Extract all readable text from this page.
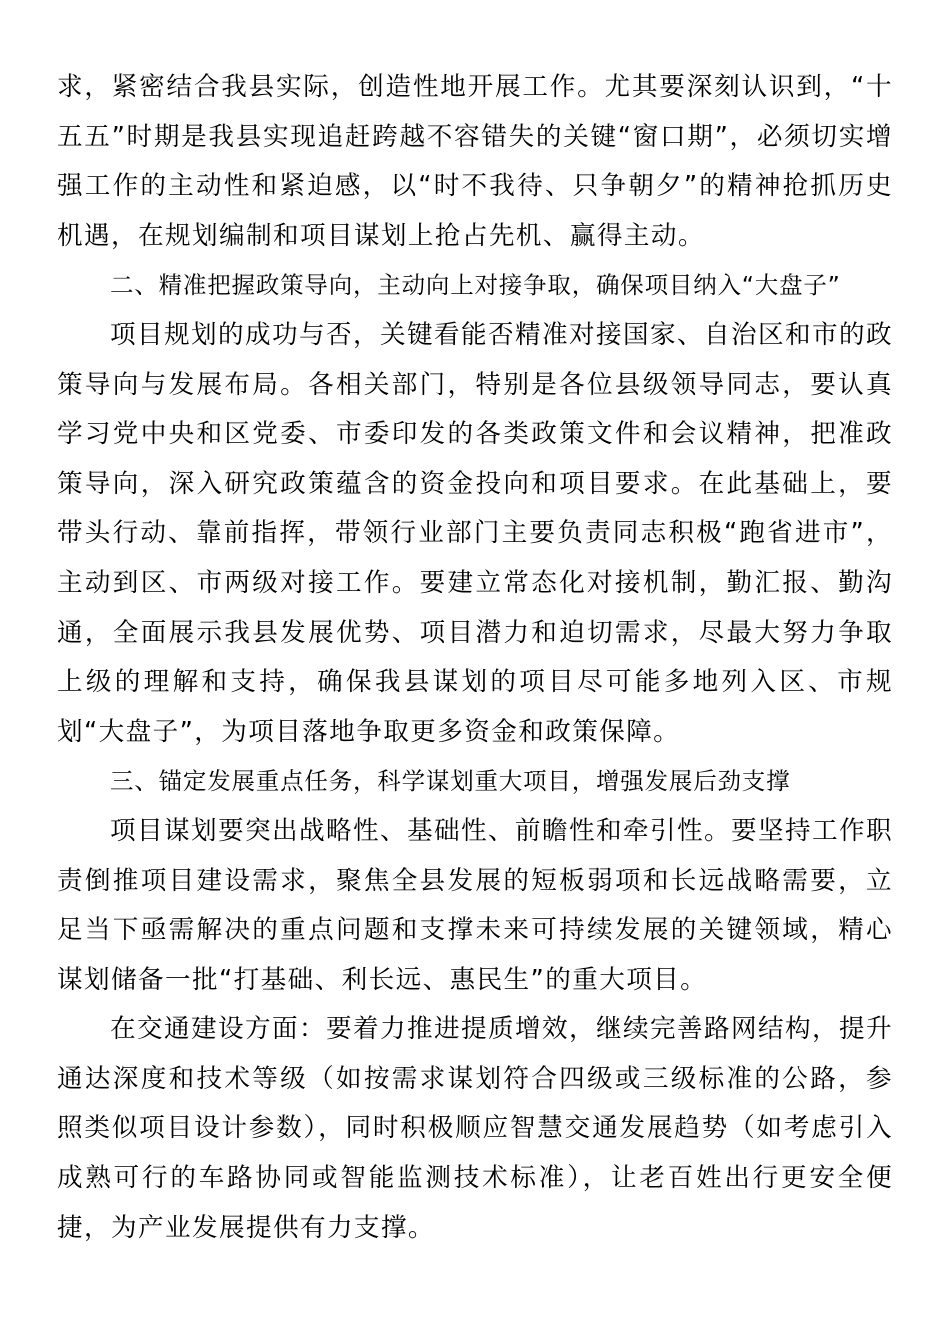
求，紧密结合我县实际，创造性地开展工作。尤其要深刻认识到，“十五五”时期是我县实现追赶跨越不容错失的关键“窗口期”，必须切实增强工作的主动性和紧迫感，以“时不我待、只争朝夕”的精神抢抓历史机遇，在规划编制和项目谋划上抢占先机、赢得主动。

二、精准把握政策导向，主动向上对接争取，确保项目纳入“大盘子”

项目规划的成功与否，关键看能否精准对接国家、自治区和市的政策导向与发展布局。各相关部门，特别是各位县级领导同志，要认真学习党中央和区党委、市委印发的各类政策文件和会议精神，把准政策导向，深入研究政策蕴含的资金投向和项目要求。在此基础上，要带头行动、靠前指挥，带领行业部门主要负责同志积极“跑省进市”，主动到区、市两级对接工作。要建立常态化对接机制，勤汇报、勤沟通，全面展示我县发展优势、项目潜力和迫切需求，尽最大努力争取上级的理解和支持，确保我县谋划的项目尽可能多地列入区、市规划“大盘子”，为项目落地争取更多资金和政策保障。

三、锚定发展重点任务，科学谋划重大项目，增强发展后劲支撑

项目谋划要突出战略性、基础性、前瞻性和牵引性。要坚持工作职责倒推项目建设需求，聚焦全县发展的短板弱项和长远战略需要，立足当下亟需解决的重点问题和支撑未来可持续发展的关键领域，精心谋划储备一批“打基础、利长远、惠民生”的重大项目。

在交通建设方面：要着力推进提质增效，继续完善路网结构，提升通达深度和技术等级（如按需求谋划符合四级或三级标准的公路，参照类似项目设计参数），同时积极顺应智慧交通发展趋势（如考虑引入成熟可行的车路协同或智能监测技术标准），让老百姓出行更安全便捷，为产业发展提供有力支撑。
